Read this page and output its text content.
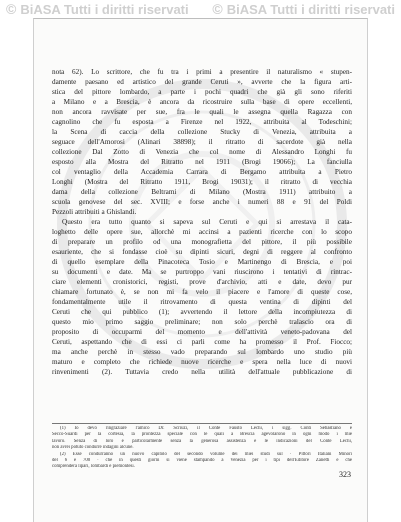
© BiASA Tutti i diritti riservati © BiASA Tutti i diritti riservati
nota 62). Lo scrittore, che fu tra i primi a presentire il naturalismo « stupen-
damente paesano ed artistico del grande Ceruti », avverte che la figura arti-
stica del pittore lombardo, a parte i pochi quadri che già gli sono riferiti
a Milano e a Brescia, è ancora da ricostruire sulla base di opere eccellenti,
non ancora ravvisate per sue, fra le quali le assegna quella Ragazza con
cagnolino che fu esposta a Firenze nel 1922, attribuita al Todeschini;
la Scena di caccia della collezione Stucky di Venezia, attribuita a
seguace dell'Amorosi (Alinari 38898); il ritratto di sacerdote già nella
collezione Dal Zotto di Venezia che col nome di Alessandro Longhi fu
esposto alla Mostra del Ritratto nel 1911 (Brogi 19066); La fanciulla
col ventaglio della Accademia Carrara di Bergamo attribuita a Pietro
Longhi (Mostra del Ritratto 1911, Brogi 19031); il ritratto di vecchia
dama della collezione Beltrami di Milano (Mostra 1911) attribuito a
scuola genovese del sec. XVIII; e forse anche i numeri 88 e 91 del Poldi
Pezzoli attribuiti a Ghislandi.
Questo era tutto quanto si sapeva sul Ceruti e qui si arrestava il cata-
loghetto delle opere sue, allorchè mi accinsi a pazienti ricerche con lo scopo
di preparare un profilo od una monografietta del pittore, il più possibile
esauriente, che si fondasse cioè su dipinti sicuri, degni di reggere al confronto
di quello esemplare della Pinacoteca Tosio e Martinengo di Brescia, e poi
su documenti e date. Ma se purtroppo vani riuscirono i tentativi di rintrac-
ciare elementi cronistorici, registi, prove d'archivio, atti e date, devo pur
chiamare fortunato è, se non mi fa velo il piacere e l'amore di queste cose,
fondamentalmente utile il ritrovamento di questa ventina di dipinti del
Ceruti che qui pubblico (1); avvertendo il lettore della incompiutezza di
questo mio primo saggio preliminare; non solo perchè tralascio ora di
proposito di occuparmi del momento e dell'attività veneto-padovana del
Ceruti, aspettando che di essi ci parli come ha promesso il Prof. Fiocco;
ma anche perchè in stesso vado preparando sul lombardo uno studio più
maturo e completo che richiede nuove ricerche e spera nella luce di nuovi
rinvenimenti (2). Tuttavia credo nella utilità dell'attuale pubblicazione di
(1) Io devo ringraziare l'amico Dr. Scriuzi, il Conte Fausto Lechi, i sigg. Conti Sebastiano e
Secco-Suardi per la cortesia, la prontezza speciale con le quali a Brescia agevolarono in ogni modo i mie
lavoro. Senza di loro e particolarmente senza la generosa assistenza e le indicazioni del Conte Lechi,
non avrei potuto condurre indagini alcune.
(2) Esse condurranno un nuovo capitolo del secondo volume dei miei studi sul · Pittori Italiani Minori
del 6 e 700 · che in questi giorni si viene stampando a Venezia per i tipi dell'Editore Zanetti e che
comprenderà lipari, lombardi e piemontesi.
323
